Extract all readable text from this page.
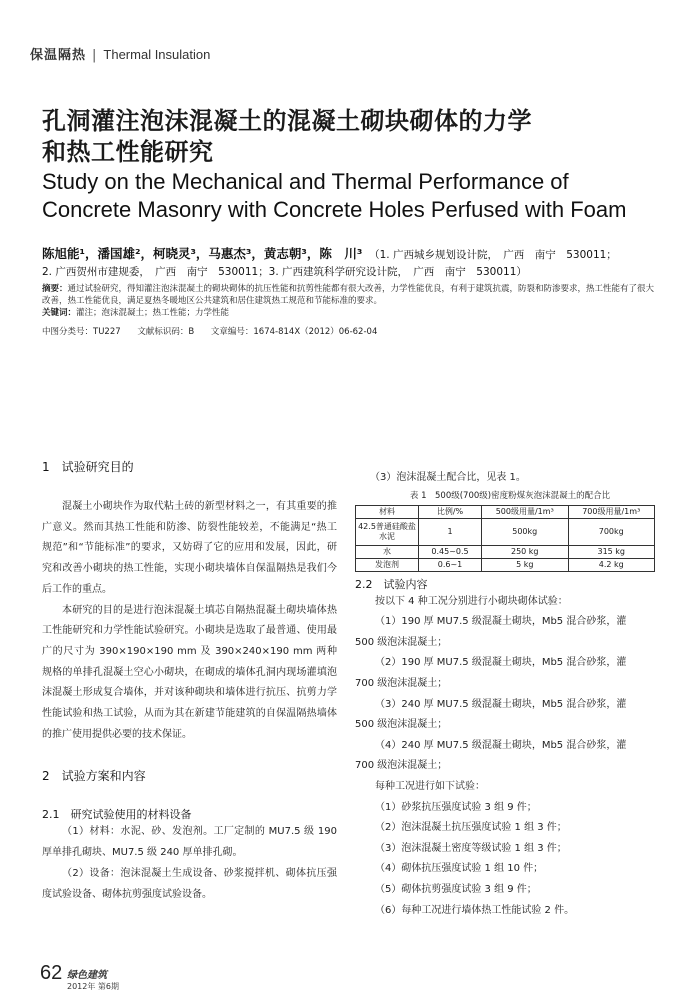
保温隔热 | Thermal Insulation
孔洞灌注泡沫混凝土的混凝土砌块砌体的力学
和热工性能研究
Study on the Mechanical and Thermal Performance of
Concrete Masonry with Concrete Holes Perfused with Foam
陈旭能¹，潘国雄²，柯晓灵³，马惠杰³，黄志朝³，陈　川³　 （1. 广西城乡规划设计院，　广西　南宁　530011；
2. 广西贺州市建规委，　广西　南宁　530011；3. 广西建筑科学研究设计院，　广西　南宁　530011）
摘要：通过试验研究，得知灌注泡沫混凝土的砌块砌体的抗压性能和抗剪性能都有很大改善，力学性能优良，有利于建筑抗震，防裂和防渗要求，热工性能有了很大改善，热工性能优良，满足夏热冬暖地区公共建筑和居住建筑热工规范和节能标准的要求。
关键词：灌注；泡沫混凝土；热工性能；力学性能
中图分类号：TU227 文献标识码：B 文章编号：1674-814X（2012）06-62-04

1　试验研究目的

混凝土小砌块作为取代粘土砖的新型材料之一，有其重要的推广意义。然而其热工性能和防渗、防裂性能较差，不能满足“热工规范”和“节能标准”的要求，又妨碍了它的应用和发展，因此，研究和改善小砌块的热工性能，实现小砌块墙体自保温隔热是我们今后工作的重点。

本研究的目的是进行泡沫混凝土填芯自隔热混凝土砌块墙体热工性能研究和力学性能试验研究。小砌块是选取了最普通、使用最广的尺寸为 390×190×190 mm 及 390×240×190 mm 两种规格的单排孔混凝土空心小砌块，在砌成的墙体孔洞内现场灌填泡沫混凝土形成复合墙体，并对该种砌块和墙体进行抗压、抗剪力学性能试验和热工试验，从而为其在新建节能建筑的自保温隔热墙体的推广使用提供必要的技术保证。

2　试验方案和内容

2.1　研究试验使用的材料设备

（1）材料：水泥、砂、发泡剂。工厂定制的 MU7.5 级 190 厚单排孔砌块、MU7.5 级 240 厚单排孔砌。

（2）设备：泡沫混凝土生成设备、砂浆搅拌机、砌体抗压强度试验设备、砌体抗剪强度试验设备。

（3）泡沫混凝土配合比，见表 1。

表 1　500级(700级)密度粉煤灰泡沫混凝土的配合比

材料	比例/%	500级用量/1m³	700级用量/1m³
42.5普通硅酸盐水泥	1	500kg	700kg
水	0.45~0.5	250 kg	315 kg
发泡剂	0.6~1	5 kg	4.2 kg

2.2　试验内容

按以下 4 种工况分别进行小砌块砌体试验：

（1）190 厚 MU7.5 级混凝土砌块，Mb5 混合砂浆，灌

500 级泡沫混凝土；

（2）190 厚 MU7.5 级混凝土砌块，Mb5 混合砂浆，灌

700 级泡沫混凝土；

（3）240 厚 MU7.5 级混凝土砌块，Mb5 混合砂浆，灌

500 级泡沫混凝土；

（4）240 厚 MU7.5 级混凝土砌块，Mb5 混合砂浆，灌

700 级泡沫混凝土；

每种工况进行如下试验：

（1）砂浆抗压强度试验 3 组 9 件；

（2）泡沫混凝土抗压强度试验 1 组 3 件；

（3）泡沫混凝土密度等级试验 1 组 3 件；

（4）砌体抗压强度试验 1 组 10 件；

（5）砌体抗剪强度试验 3 组 9 件；

（6）每种工况进行墙体热工性能试验 2 件。

62 绿色建筑
2012年 第6期
